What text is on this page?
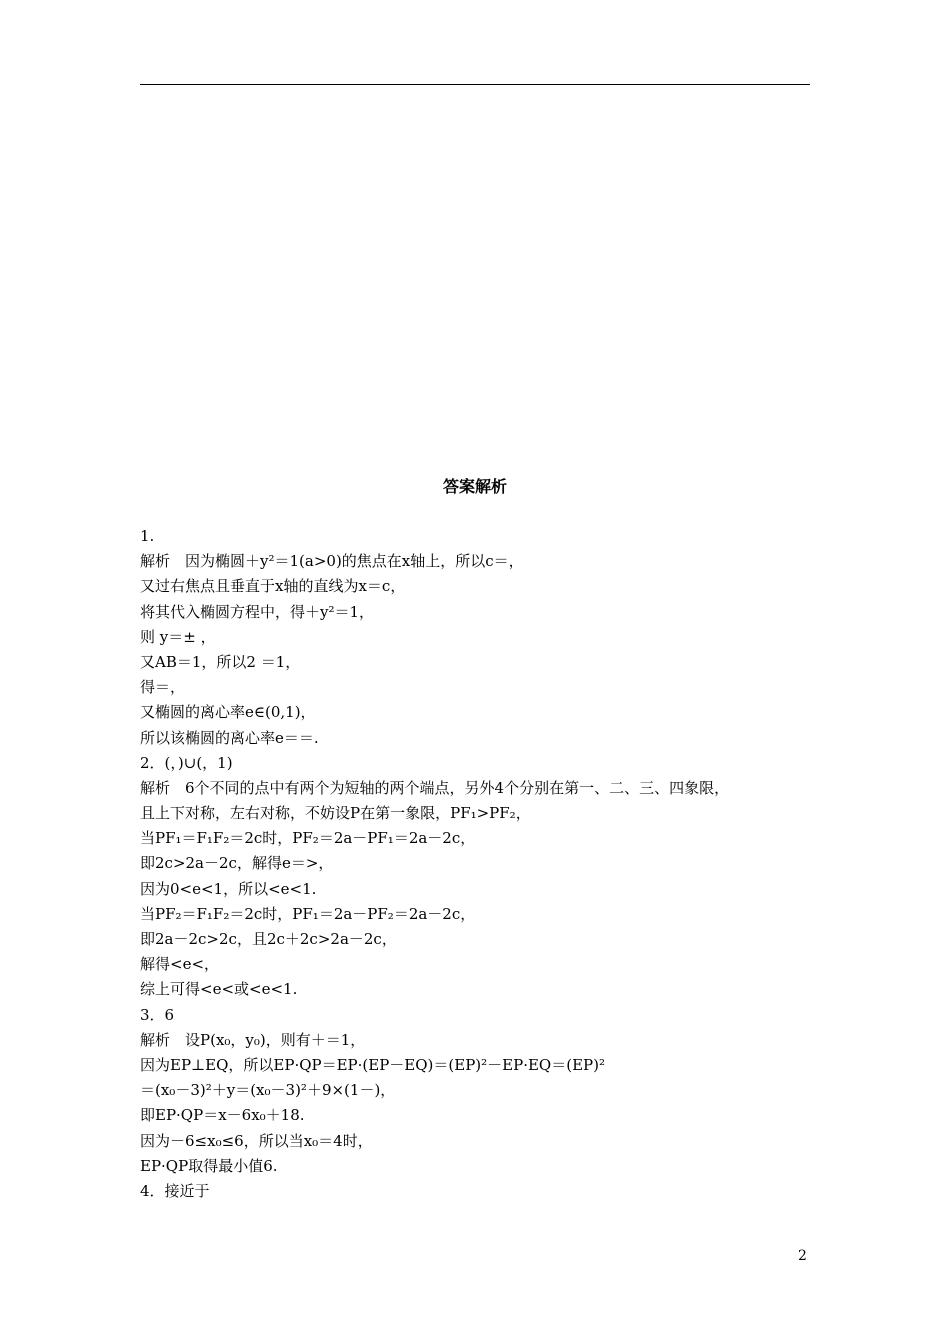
答案解析
1.
解析　因为椭圆＋y²＝1(a>0)的焦点在x轴上，所以c＝，
又过右焦点且垂直于x轴的直线为x＝c，
将其代入椭圆方程中，得＋y²＝1，
则 y＝± ，
又AB＝1，所以2 ＝1，
得＝，
又椭圆的离心率e∈(0,1)，
所以该椭圆的离心率e＝＝.
2．(，)∪(，1)
解析　6个不同的点中有两个为短轴的两个端点，另外4个分别在第一、二、三、四象限，
且上下对称，左右对称，不妨设P在第一象限，PF₁>PF₂，
当PF₁＝F₁F₂＝2c时，PF₂＝2a－PF₁＝2a－2c，
即2c>2a－2c，解得e＝>，
因为0<e<1，所以<e<1.
当PF₂＝F₁F₂＝2c时，PF₁＝2a－PF₂＝2a－2c，
即2a－2c>2c，且2c＋2c>2a－2c，
解得<e<，
综上可得<e<或<e<1.
3．6
解析　设P(x₀，y₀)，则有＋＝1，
因为EP⊥EQ，所以EP·QP＝EP·(EP－EQ)＝(EP)²－EP·EQ＝(EP)²
＝(x₀－3)²＋y＝(x₀－3)²＋9×(1－)，
即EP·QP＝x－6x₀＋18.
因为－6≤x₀≤6，所以当x₀＝4时，
EP·QP取得最小值6.
4．接近于
2
